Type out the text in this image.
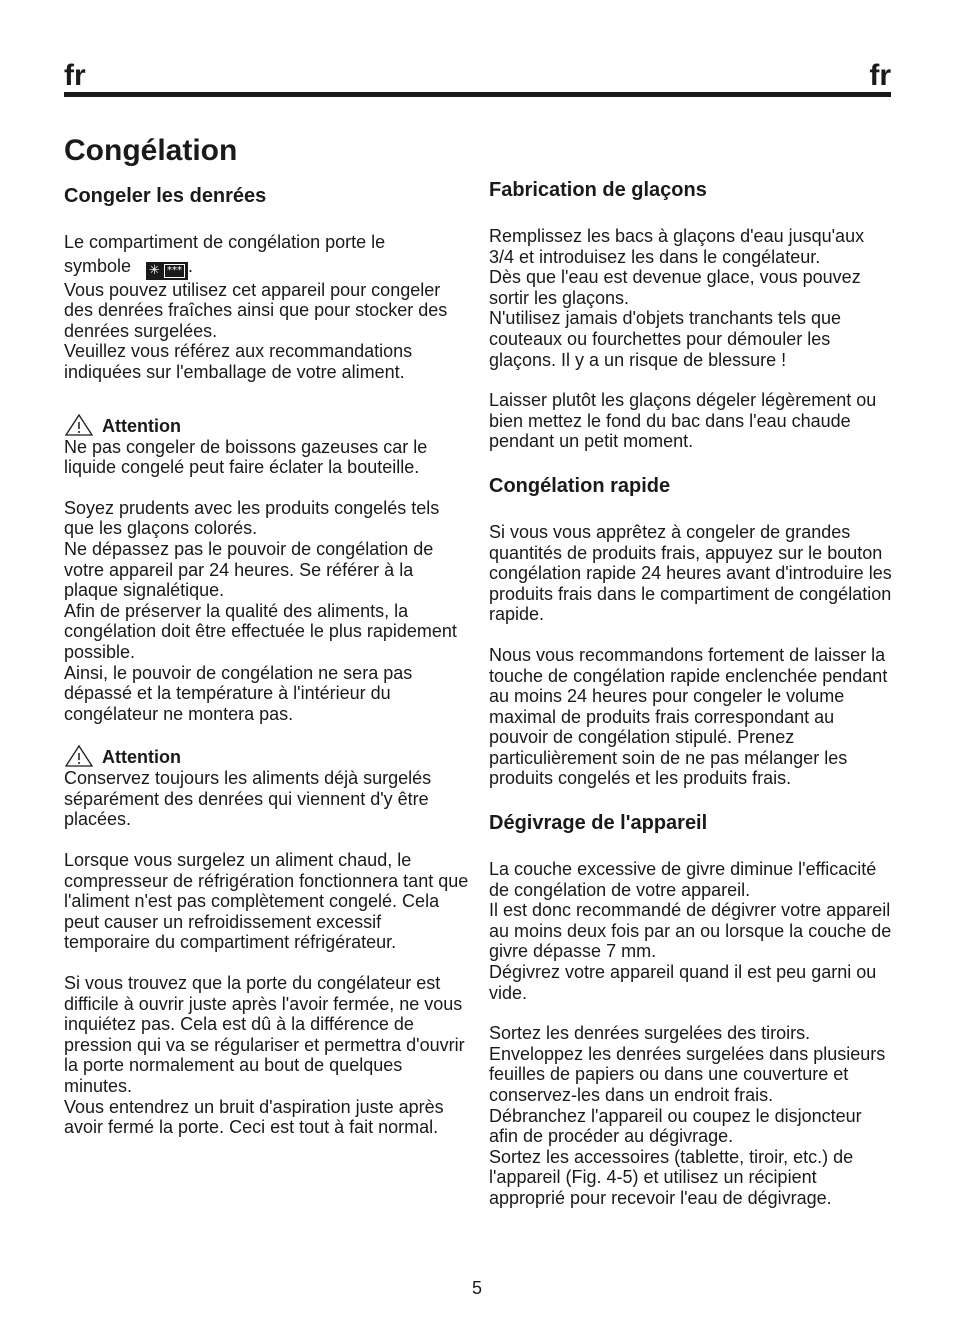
fr	fr
Congélation
Congeler les denrées

Le compartiment de congélation porte le

symbole ✳ *** .

Vous pouvez utilisez cet appareil pour congeler des denrées fraîches ainsi que pour stocker des denrées surgelées.

Veuillez vous référez aux recommandations indiquées sur l'emballage de votre aliment.

Attention

Ne pas congeler de boissons gazeuses car le liquide congelé peut faire éclater la bouteille.

Soyez prudents avec les produits congelés tels que les glaçons colorés.

Ne dépassez pas le pouvoir de congélation de votre appareil par 24 heures. Se référer à la plaque signalétique.

Afin de préserver la qualité des aliments, la congélation doit être effectuée le plus rapidement possible.

Ainsi, le pouvoir de congélation ne sera pas dépassé et la température à l'intérieur du congélateur ne montera pas.

Attention

Conservez toujours les aliments déjà surgelés séparément des denrées qui viennent d'y être placées.

Lorsque vous surgelez un aliment chaud, le compresseur de réfrigération fonctionnera tant que l'aliment n'est pas complètement congelé. Cela peut causer un refroidissement excessif temporaire du compartiment réfrigérateur.

Si vous trouvez que la porte du congélateur est difficile à ouvrir juste après l'avoir fermée, ne vous inquiétez pas. Cela est dû à la différence de pression qui va se régulariser et permettra d'ouvrir la porte normalement au bout de quelques minutes.

Vous entendrez un bruit d'aspiration juste après avoir fermé la porte. Ceci est tout à fait normal.

Fabrication de glaçons

Remplissez les bacs à glaçons d'eau jusqu'aux 3/4 et introduisez les dans le congélateur.

Dès que l'eau est devenue glace, vous pouvez sortir les glaçons.

N'utilisez jamais d'objets tranchants tels que couteaux ou fourchettes pour démouler les glaçons. Il y a un risque de blessure !

Laisser plutôt les glaçons dégeler légèrement ou bien mettez le fond du bac dans l'eau chaude pendant un petit moment.

Congélation rapide

Si vous vous apprêtez à congeler de grandes quantités de produits frais, appuyez sur le bouton congélation rapide 24 heures avant d'introduire les produits frais dans le compartiment de congélation rapide.

Nous vous recommandons fortement de laisser la touche de congélation rapide enclenchée pendant au moins 24 heures pour congeler le volume maximal de produits frais correspondant au pouvoir de congélation stipulé. Prenez particulièrement soin de ne pas mélanger les produits congelés et les produits frais.

Dégivrage de l'appareil

La couche excessive de givre diminue l'efficacité de congélation de votre appareil.

Il est donc recommandé de dégivrer votre appareil au moins deux fois par an ou lorsque la couche de givre dépasse 7 mm.

Dégivrez votre appareil quand il est peu garni ou vide.

Sortez les denrées surgelées des tiroirs.

Enveloppez les denrées surgelées dans plusieurs feuilles de papiers ou dans une couverture et conservez-les dans un endroit frais.

Débranchez l'appareil ou coupez le disjoncteur afin de procéder au dégivrage.

Sortez les accessoires (tablette, tiroir, etc.) de l'appareil (Fig. 4-5) et utilisez un récipient approprié pour recevoir l'eau de dégivrage.

5
